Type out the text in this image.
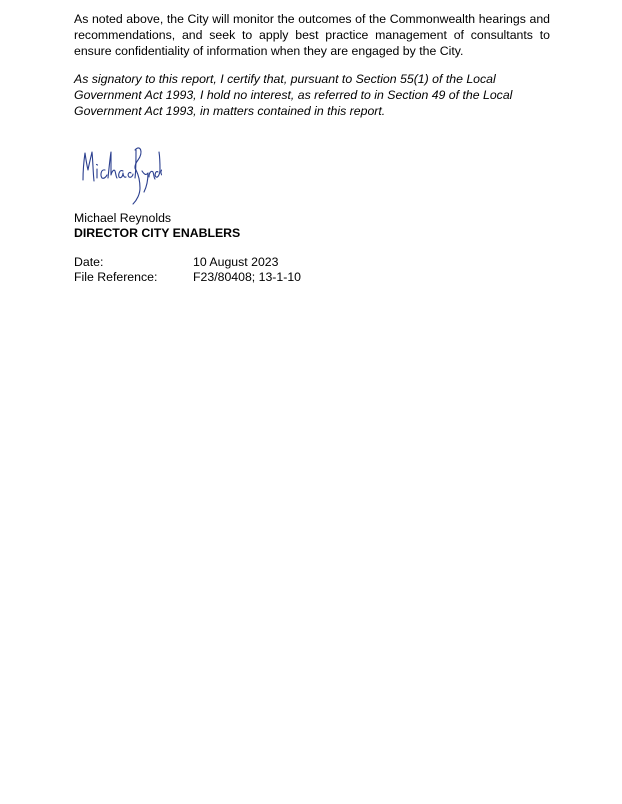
As noted above, the City will monitor the outcomes of the Commonwealth hearings and recommendations, and seek to apply best practice management of consultants to ensure confidentiality of information when they are engaged by the City.

As signatory to this report, I certify that, pursuant to Section 55(1) of the Local Government Act 1993, I hold no interest, as referred to in Section 49 of the Local Government Act 1993, in matters contained in this report.

Michael Reynolds

DIRECTOR CITY ENABLERS

Date:	10 August 2023
File Reference:	F23/80408; 13-1-10
